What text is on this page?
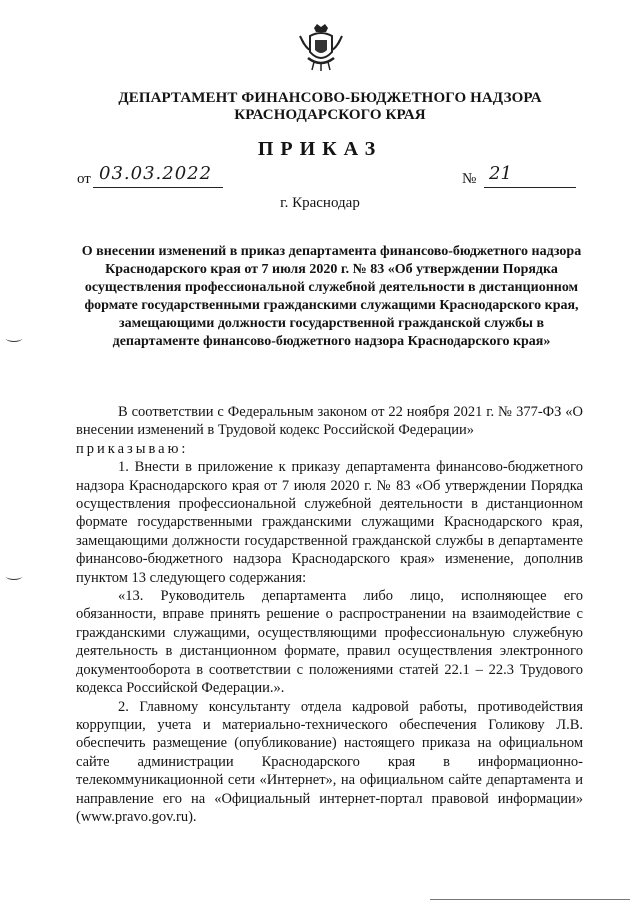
ДЕПАРТАМЕНТ ФИНАНСОВО-БЮДЖЕТНОГО НАДЗОРА
КРАСНОДАРСКОГО КРАЯ
ПРИКАЗ
от 03.03.2022	№ 21
г. Краснодар
О внесении изменений в приказ департамента финансово-бюджетного надзора Краснодарского края от 7 июля 2020 г. № 83 «Об утверждении Порядка осуществления профессиональной служебной деятельности в дистанционном формате государственными гражданскими служащими Краснодарского края, замещающими должности государственной гражданской службы в департаменте финансово-бюджетного надзора Краснодарского края»

В соответствии с Федеральным законом от 22 ноября 2021 г. № 377-ФЗ «О внесении изменений в Трудовой кодекс Российской Федерации»

приказываю:

1. Внести в приложение к приказу департамента финансово-бюджетного надзора Краснодарского края от 7 июля 2020 г. № 83 «Об утверждении Порядка осуществления профессиональной служебной деятельности в дистанционном формате государственными гражданскими служащими Краснодарского края, замещающими должности государственной гражданской службы в департаменте финансово-бюджетного надзора Краснодарского края» изменение, дополнив пунктом 13 следующего содержания:

«13. Руководитель департамента либо лицо, исполняющее его обязанности, вправе принять решение о распространении на взаимодействие с гражданскими служащими, осуществляющими профессиональную служебную деятельность в дистанционном формате, правил осуществления электронного документооборота в соответствии с положениями статей 22.1 – 22.3 Трудового кодекса Российской Федерации.».

2. Главному консультанту отдела кадровой работы, противодействия коррупции, учета и материально-технического обеспечения Голикову Л.В. обеспечить размещение (опубликование) настоящего приказа на официальном сайте администрации Краснодарского края в информационно-телекоммуникационной сети «Интернет», на официальном сайте департамента и направление его на «Официальный интернет-портал правовой информации» (www.pravo.gov.ru).
